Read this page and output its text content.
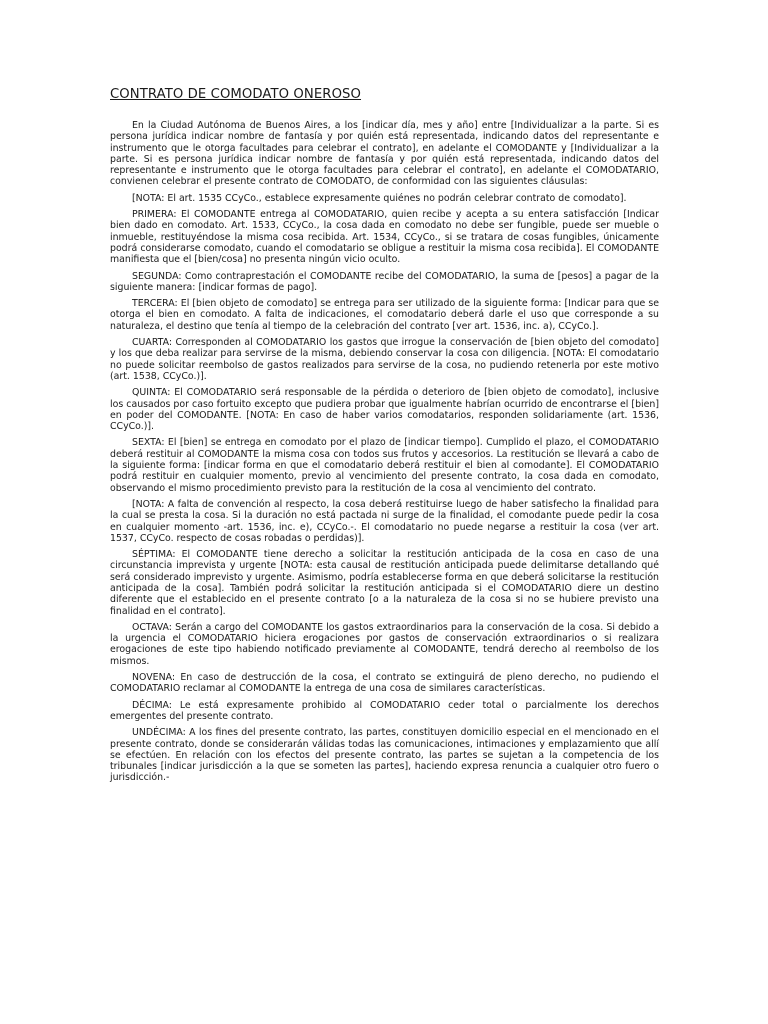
CONTRATO DE COMODATO ONEROSO

En la Ciudad Autónoma de Buenos Aires, a los [indicar día, mes y año] entre [Individualizar a la parte. Si es persona jurídica indicar nombre de fantasía y por quién está representada, indicando datos del representante e instrumento que le otorga facultades para celebrar el contrato], en adelante el COMODANTE y [Individualizar a la parte. Si es persona jurídica indicar nombre de fantasía y por quién está representada, indicando datos del representante e instrumento que le otorga facultades para celebrar el contrato], en adelante el COMODATARIO, convienen celebrar el presente contrato de COMODATO, de conformidad con las siguientes cláusulas:

[NOTA: El art. 1535 CCyCo., establece expresamente quiénes no podrán celebrar contrato de comodato].

PRIMERA: El COMODANTE entrega al COMODATARIO, quien recibe y acepta a su entera satisfacción [Indicar bien dado en comodato. Art. 1533, CCyCo., la cosa dada en comodato no debe ser fungible, puede ser mueble o inmueble, restituyéndose la misma cosa recibida. Art. 1534, CCyCo., si se tratara de cosas fungibles, únicamente podrá considerarse comodato, cuando el comodatario se obligue a restituir la misma cosa recibida]. El COMODANTE manifiesta que el [bien/cosa] no presenta ningún vicio oculto.

SEGUNDA: Como contraprestación el COMODANTE recibe del COMODATARIO, la suma de [pesos] a pagar de la siguiente manera: [indicar formas de pago].

TERCERA: El [bien objeto de comodato] se entrega para ser utilizado de la siguiente forma: [Indicar para que se otorga el bien en comodato. A falta de indicaciones, el comodatario deberá darle el uso que corresponde a su naturaleza, el destino que tenía al tiempo de la celebración del contrato [ver art. 1536, inc. a), CCyCo.].

CUARTA: Corresponden al COMODATARIO los gastos que irrogue la conservación de [bien objeto del comodato] y los que deba realizar para servirse de la misma, debiendo conservar la cosa con diligencia. [NOTA: El comodatario no puede solicitar reembolso de gastos realizados para servirse de la cosa, no pudiendo retenerla por este motivo (art. 1538, CCyCo.)].

QUINTA: El COMODATARIO será responsable de la pérdida o deterioro de [bien objeto de comodato], inclusive los causados por caso fortuito excepto que pudiera probar que igualmente habrían ocurrido de encontrarse el [bien] en poder del COMODANTE. [NOTA: En caso de haber varios comodatarios, responden solidariamente (art. 1536, CCyCo.)].

SEXTA: El [bien] se entrega en comodato por el plazo de [indicar tiempo]. Cumplido el plazo, el COMODATARIO deberá restituir al COMODANTE la misma cosa con todos sus frutos y accesorios. La restitución se llevará a cabo de la siguiente forma: [indicar forma en que el comodatario deberá restituir el bien al comodante]. El COMODATARIO podrá restituir en cualquier momento, previo al vencimiento del presente contrato, la cosa dada en comodato, observando el mismo procedimiento previsto para la restitución de la cosa al vencimiento del contrato.

[NOTA: A falta de convención al respecto, la cosa deberá restituirse luego de haber satisfecho la finalidad para la cual se presta la cosa. Si la duración no está pactada ni surge de la finalidad, el comodante puede pedir la cosa en cualquier momento -art. 1536, inc. e), CCyCo.-. El comodatario no puede negarse a restituir la cosa (ver art. 1537, CCyCo. respecto de cosas robadas o perdidas)].

SÉPTIMA: El COMODANTE tiene derecho a solicitar la restitución anticipada de la cosa en caso de una circunstancia imprevista y urgente [NOTA: esta causal de restitución anticipada puede delimitarse detallando qué será considerado imprevisto y urgente. Asimismo, podría establecerse forma en que deberá solicitarse la restitución anticipada de la cosa]. También podrá solicitar la restitución anticipada si el COMODATARIO diere un destino diferente que el establecido en el presente contrato [o a la naturaleza de la cosa si no se hubiere previsto una finalidad en el contrato].

OCTAVA: Serán a cargo del COMODANTE los gastos extraordinarios para la conservación de la cosa. Si debido a la urgencia el COMODATARIO hiciera erogaciones por gastos de conservación extraordinarios o si realizara erogaciones de este tipo habiendo notificado previamente al COMODANTE, tendrá derecho al reembolso de los mismos.

NOVENA: En caso de destrucción de la cosa, el contrato se extinguirá de pleno derecho, no pudiendo el COMODATARIO reclamar al COMODANTE la entrega de una cosa de similares características.

DÉCIMA: Le está expresamente prohibido al COMODATARIO ceder total o parcialmente los derechos emergentes del presente contrato.

UNDÉCIMA: A los fines del presente contrato, las partes, constituyen domicilio especial en el mencionado en el presente contrato, donde se considerarán válidas todas las comunicaciones, intimaciones y emplazamiento que allí se efectúen. En relación con los efectos del presente contrato, las partes se sujetan a la competencia de los tribunales [indicar jurisdicción a la que se someten las partes], haciendo expresa renuncia a cualquier otro fuero o jurisdicción.-
